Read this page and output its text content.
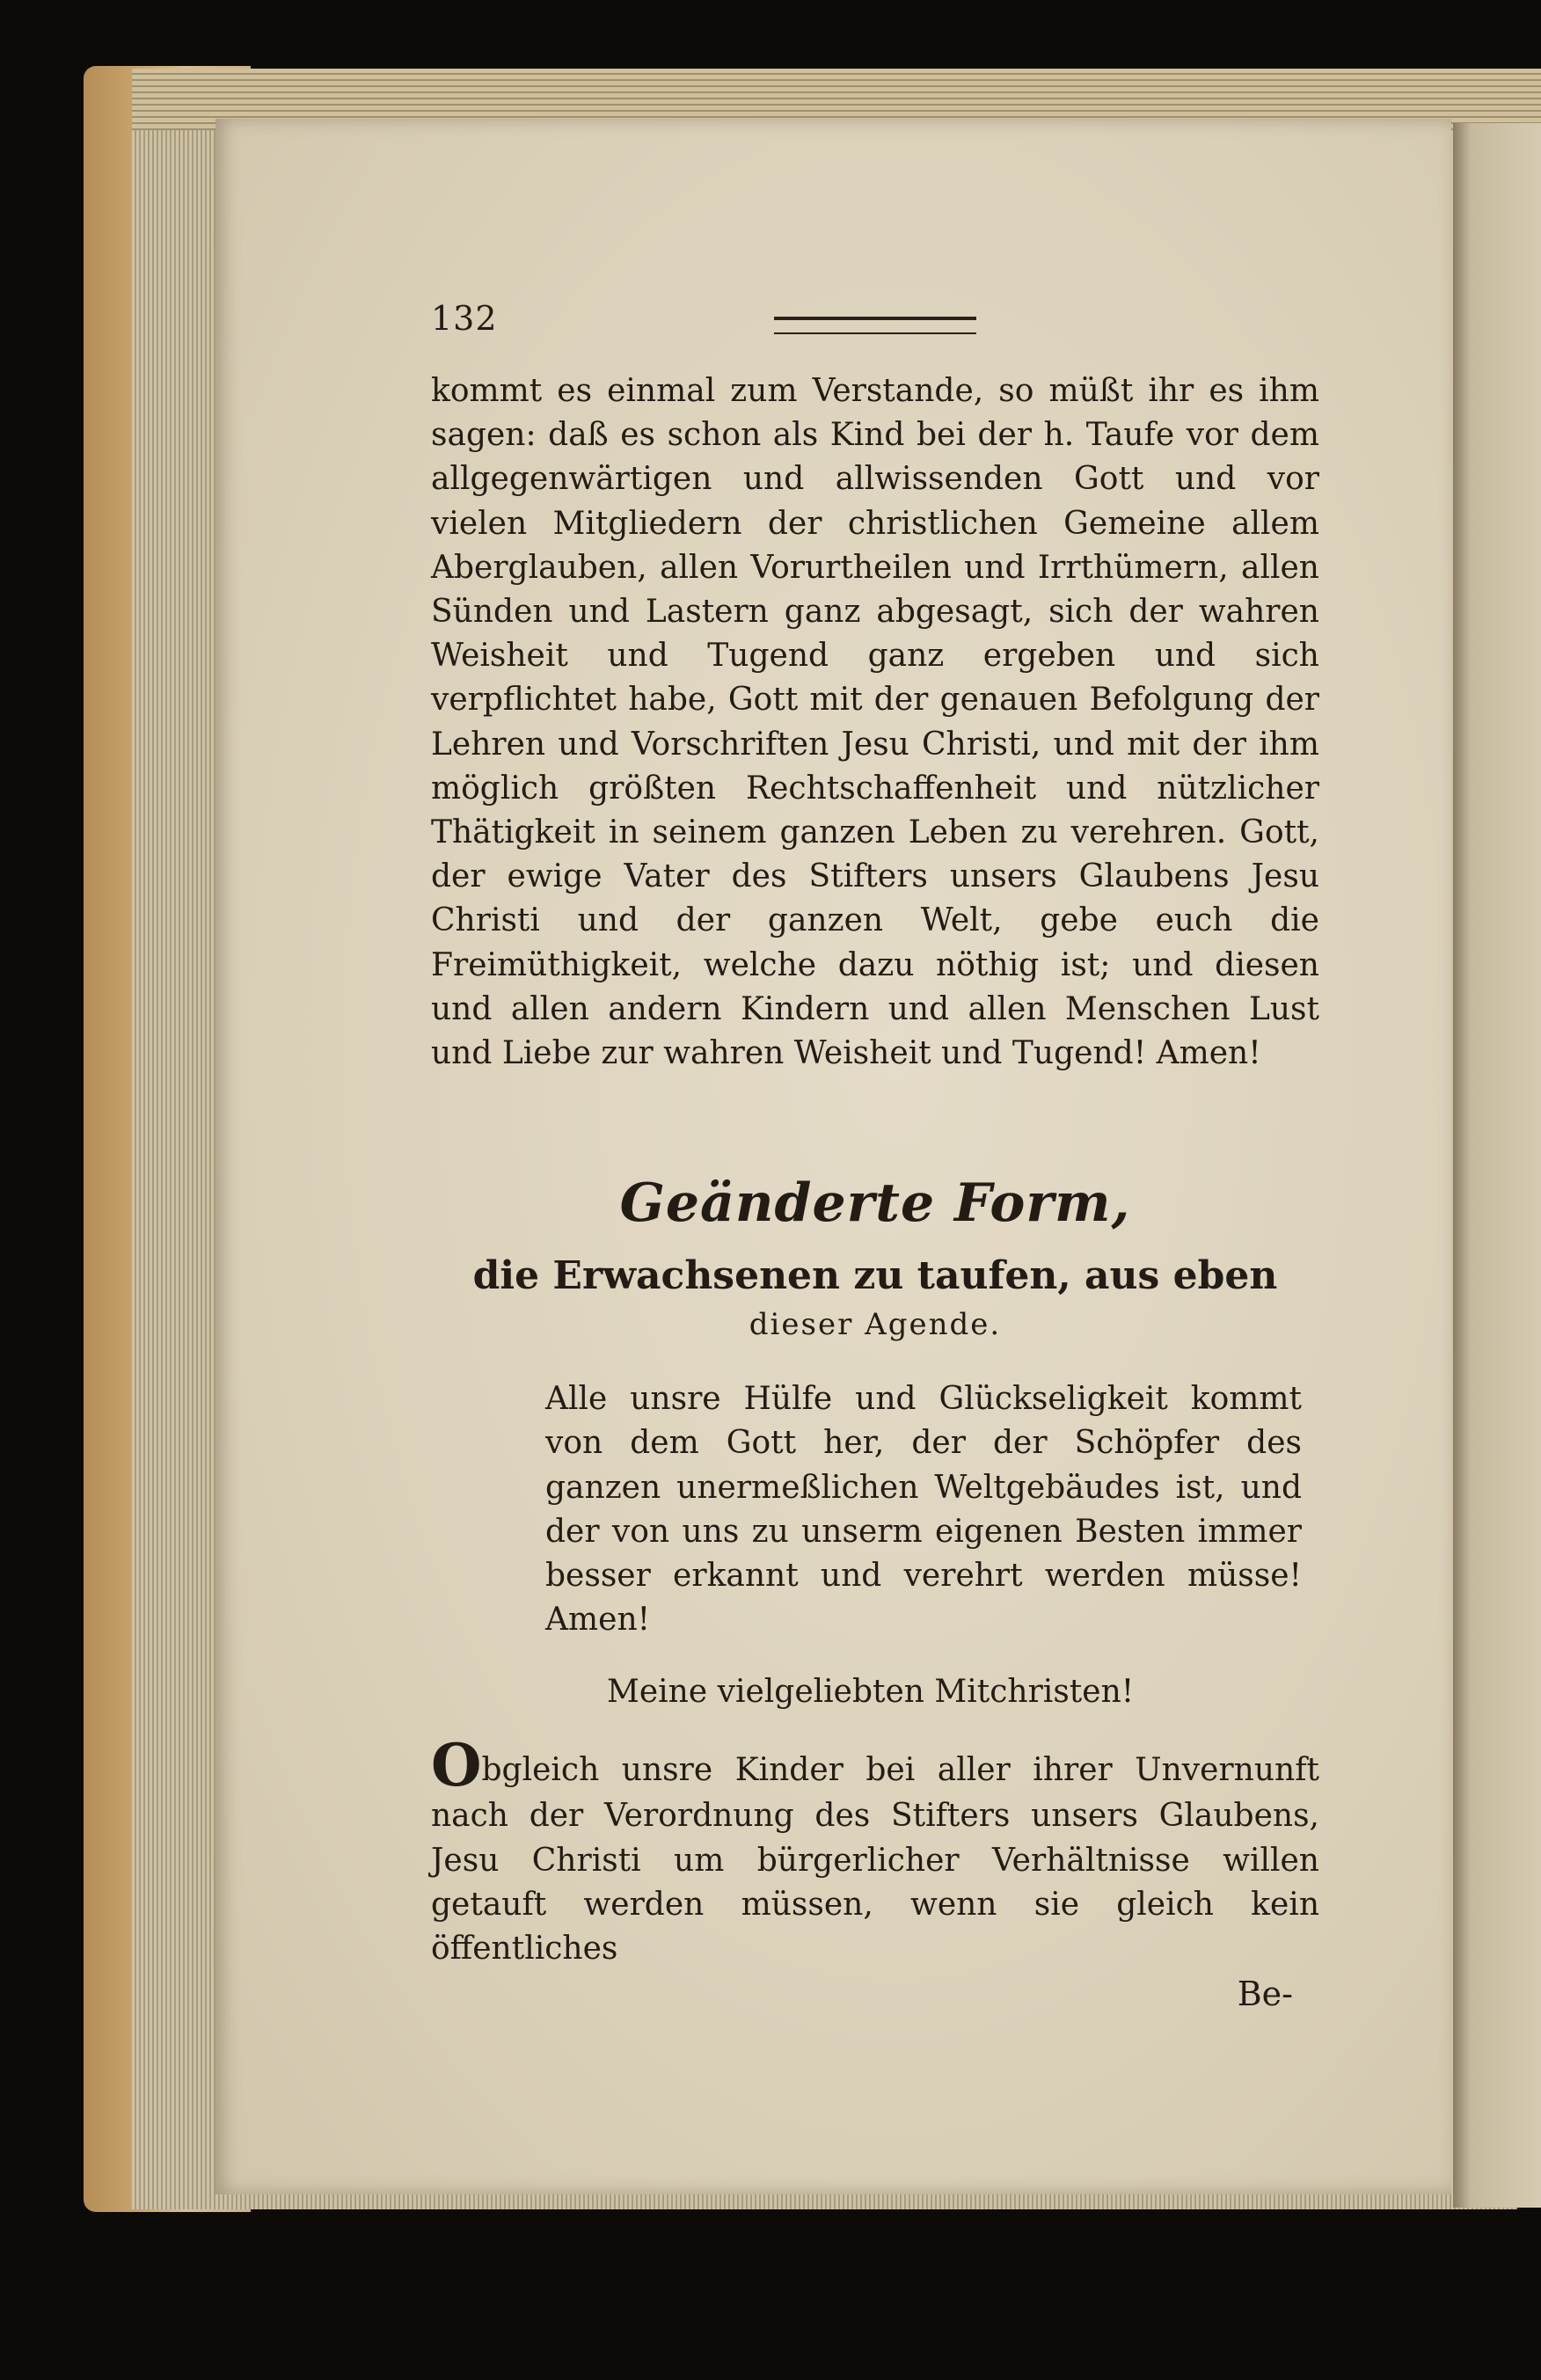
132

kommt es einmal zum Verstande, so müßt ihr es ihm sagen: daß es schon als Kind bei der h. Taufe vor dem allgegenwärtigen und allwissenden Gott und vor vielen Mitgliedern der christlichen Gemeine allem Aberglauben, allen Vorurtheilen und Irrthümern, allen Sünden und Lastern ganz abgesagt, sich der wahren Weisheit und Tugend ganz ergeben und sich verpflichtet habe, Gott mit der genauen Befolgung der Lehren und Vorschriften Jesu Christi, und mit der ihm möglich größten Rechtschaffenheit und nützlicher Thätigkeit in seinem ganzen Leben zu verehren. Gott, der ewige Vater des Stifters unsers Glaubens Jesu Christi und der ganzen Welt, gebe euch die Freimüthigkeit, welche dazu nöthig ist; und diesen und allen andern Kindern und allen Menschen Lust und Liebe zur wahren Weisheit und Tugend! Amen!

Geänderte Form,
die Erwachsenen zu taufen, aus eben
dieser Agende.

Alle unsre Hülfe und Glückseligkeit kommt von dem Gott her, der der Schöpfer des ganzen unermeßlichen Weltgebäudes ist, und der von uns zu unserm eigenen Besten immer besser erkannt und verehrt werden müsse! Amen!

Meine vielgeliebten Mitchristen!

Obgleich unsre Kinder bei aller ihrer Unvernunft nach der Verordnung des Stifters unsers Glaubens, Jesu Christi um bürgerlicher Verhältnisse willen getauft werden müssen, wenn sie gleich kein öffentliches

Be-
